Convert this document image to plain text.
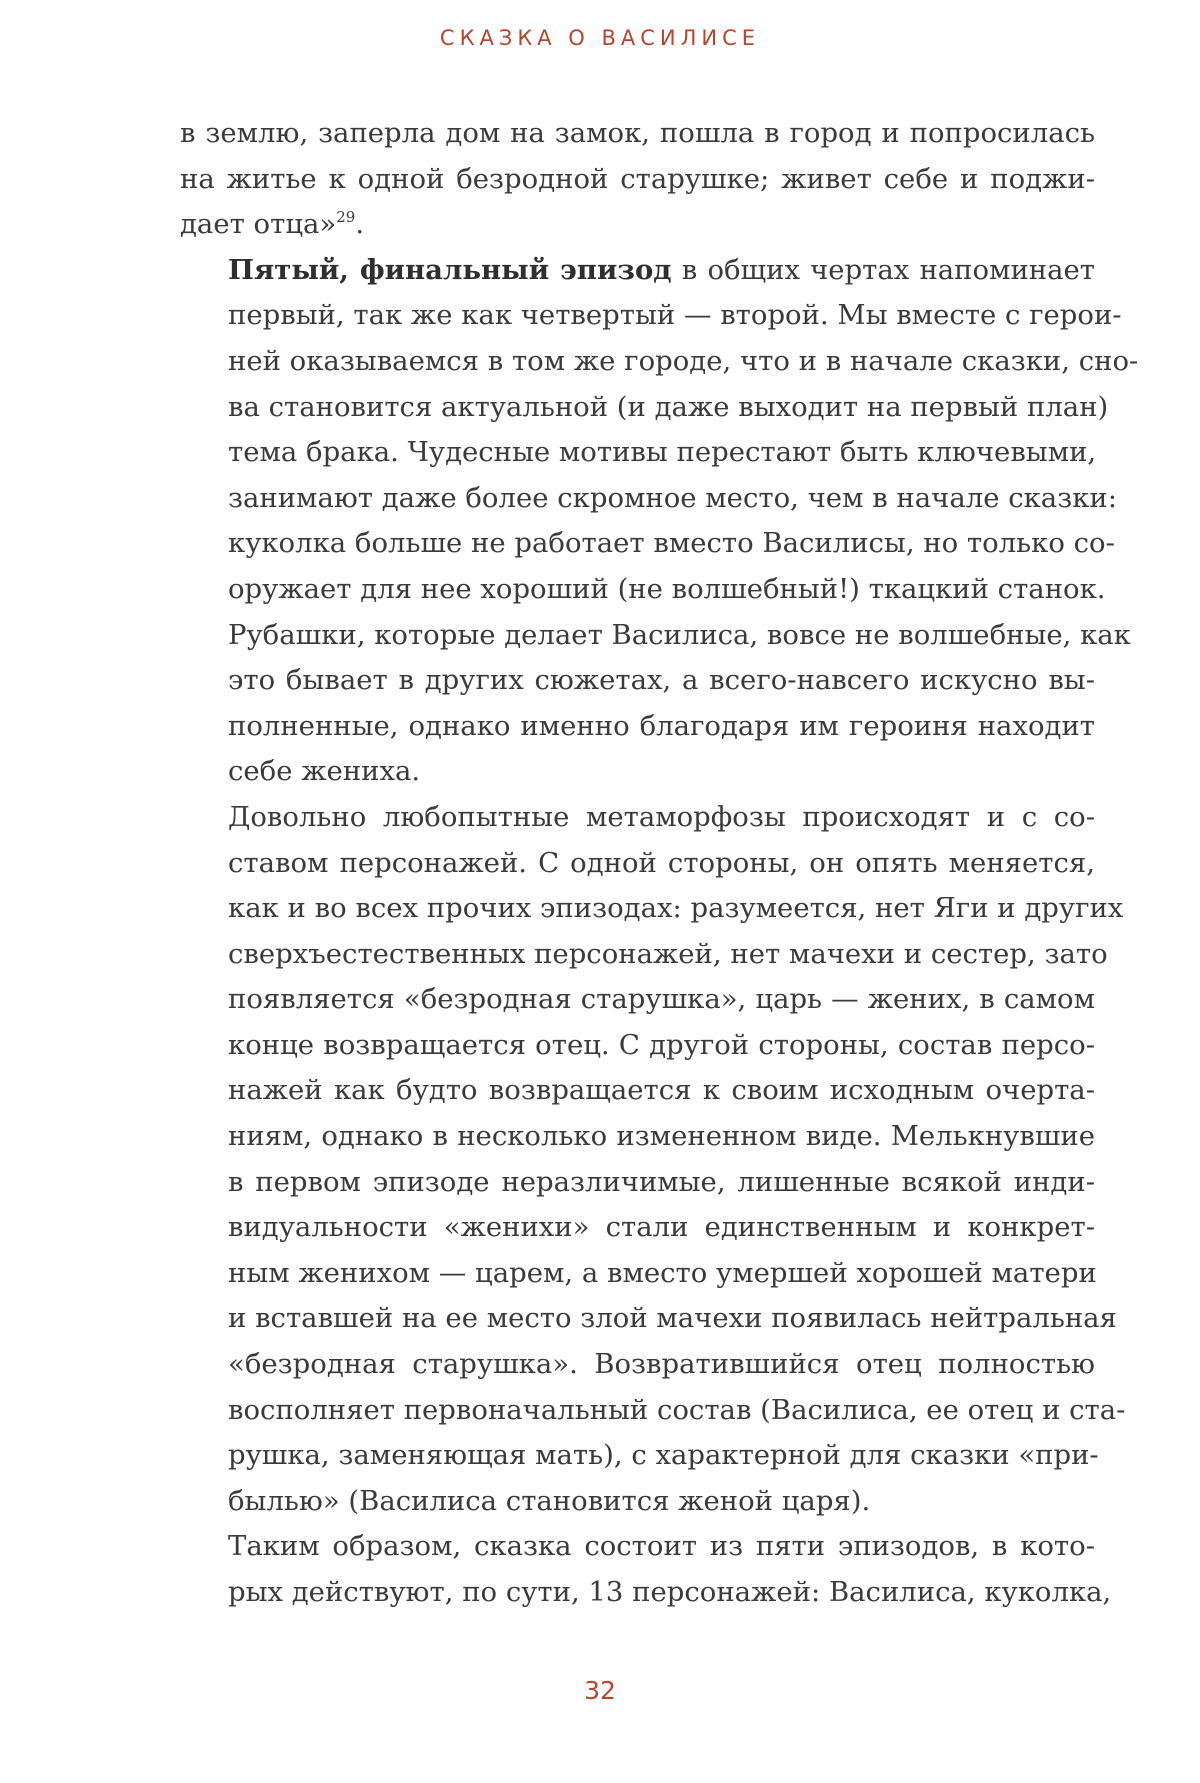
СКАЗКА О ВАСИЛИСЕ

в землю, заперла дом на замок, пошла в город и попросилась
на житье к одной безродной старушке; живет себе и поджи-
дает отца»$^{29}$.

Пятый, финальный эпизод в общих чертах напоминает
первый, так же как четвертый — второй. Мы вместе с герои-
ней оказываемся в том же городе, что и в начале сказки, сно-
ва становится актуальной (и даже выходит на первый план)
тема брака. Чудесные мотивы перестают быть ключевыми,
занимают даже более скромное место, чем в начале сказки:
куколка больше не работает вместо Василисы, но только со-
оружает для нее хороший (не волшебный!) ткацкий станок.
Рубашки, которые делает Василиса, вовсе не волшебные, как
это бывает в других сюжетах, а всего-навсего искусно вы-
полненные, однако именно благодаря им героиня находит
себе жениха.

Довольно любопытные метаморфозы происходят и с со-
ставом персонажей. С одной стороны, он опять меняется,
как и во всех прочих эпизодах: разумеется, нет Яги и других
сверхъестественных персонажей, нет мачехи и сестер, зато
появляется «безродная старушка», царь — жених, в самом
конце возвращается отец. С другой стороны, состав персо-
нажей как будто возвращается к своим исходным очерта-
ниям, однако в несколько измененном виде. Мелькнувшие
в первом эпизоде неразличимые, лишенные всякой инди-
видуальности «женихи» стали единственным и конкрет-
ным женихом — царем, а вместо умершей хорошей матери
и вставшей на ее место злой мачехи появилась нейтральная
«безродная старушка». Возвратившийся отец полностью
восполняет первоначальный состав (Василиса, ее отец и ста-
рушка, заменяющая мать), с характерной для сказки «при-
былью» (Василиса становится женой царя).

Таким образом, сказка состоит из пяти эпизодов, в кото-
рых действуют, по сути, 13 персонажей: Василиса, куколка,

32
